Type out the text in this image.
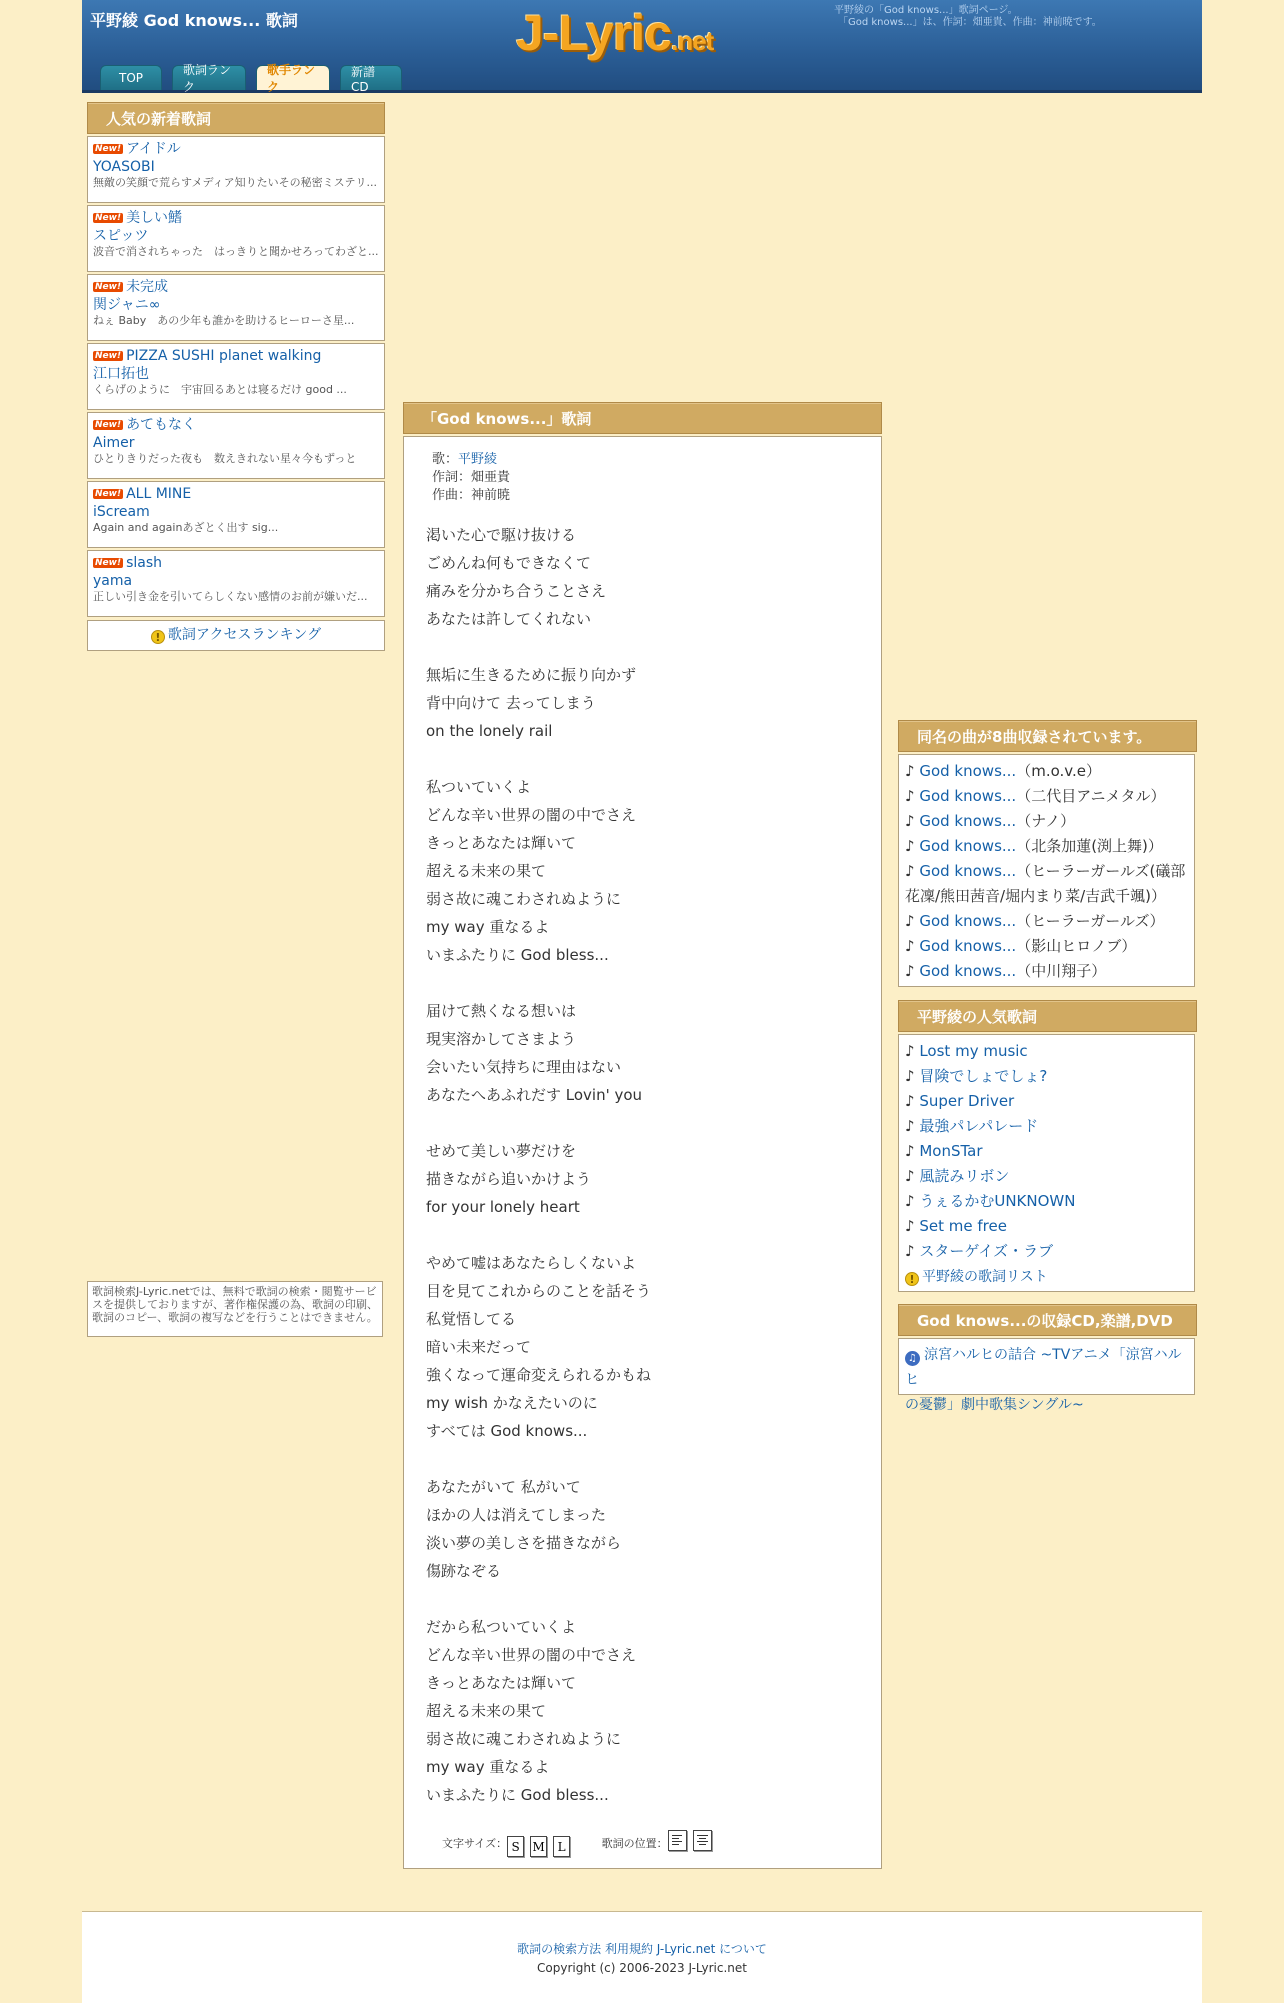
平野綾 God knows... 歌詞	J-Lyric.net
平野綾の「God knows...」歌詞ページ。
「God knows...」は、作詞：畑亜貴、作曲：神前暁です。
TOP
歌詞ランク
歌手ランク
新譜CD
人気の新着歌詞
New! アイドル
YOASOBI
無敵の笑顔で荒らすメディア知りたいその秘密ミステリ...
New! 美しい鰭
スピッツ
波音で消されちゃった　はっきりと聞かせろってわざと...
New! 未完成
関ジャニ∞
ねぇ Baby　あの少年も誰かを助けるヒーローさ星...
New! PIZZA SUSHI planet walking
江口拓也
くらげのように　宇宙回るあとは寝るだけ good ...
New! あてもなく
Aimer
ひとりきりだった夜も　数えきれない星々今もずっと
New! ALL MINE
iScream
Again and againあざとく出す sig...
New! slash
yama
正しい引き金を引いてらしくない感情のお前が嫌いだ...
! 歌詞アクセスランキング
歌詞検索J-Lyric.netでは、無料で歌詞の検索・閲覧サービスを提供しておりますが、著作権保護の為、歌詞の印刷、歌詞のコピー、歌詞の複写などを行うことはできません。
「God knows...」歌詞
歌：平野綾
作詞：畑亜貴
作曲：神前暁
渇いた心で駆け抜ける
ごめんね何もできなくて
痛みを分かち合うことさえ
あなたは許してくれない
無垢に生きるために振り向かず
背中向けて 去ってしまう
on the lonely rail
私ついていくよ
どんな辛い世界の闇の中でさえ
きっとあなたは輝いて
超える未来の果て
弱さ故に魂こわされぬように
my way 重なるよ
いまふたりに God bless...
届けて熱くなる想いは
現実溶かしてさまよう
会いたい気持ちに理由はない
あなたへあふれだす Lovin' you
せめて美しい夢だけを
描きながら追いかけよう
for your lonely heart
やめて嘘はあなたらしくないよ
目を見てこれからのことを話そう
私覚悟してる
暗い未来だって
強くなって運命変えられるかもね
my wish かなえたいのに
すべては God knows...
あなたがいて 私がいて
ほかの人は消えてしまった
淡い夢の美しさを描きながら
傷跡なぞる
だから私ついていくよ
どんな辛い世界の闇の中でさえ
きっとあなたは輝いて
超える未来の果て
弱さ故に魂こわされぬように
my way 重なるよ
いまふたりに God bless...
文字サイズ： S M L	歌詞の位置：
同名の曲が8曲収録されています。
♪ God knows...（m.o.v.e）
♪ God knows...（二代目アニメタル）
♪ God knows...（ナノ）
♪ God knows...（北条加蓮(渕上舞)）
♪ God knows...（ヒーラーガールズ(礒部
花凜/熊田茜音/堀内まり菜/吉武千颯)）
♪ God knows...（ヒーラーガールズ）
♪ God knows...（影山ヒロノブ）
♪ God knows...（中川翔子）
平野綾の人気歌詞
♪ Lost my music
♪ 冒険でしょでしょ?
♪ Super Driver
♪ 最強パレパレード
♪ MonSTar
♪ 風読みリボン
♪ うぇるかむUNKNOWN
♪ Set me free
♪ スターゲイズ・ラブ
! 平野綾の歌詞リスト
God knows...の収録CD,楽譜,DVD
♫ 涼宮ハルヒの詰合 ~TVアニメ「涼宮ハルヒ
の憂鬱」劇中歌集シングル~
歌詞の検索方法 利用規約 J-Lyric.net について
Copyright (c) 2006-2023 J-Lyric.net
